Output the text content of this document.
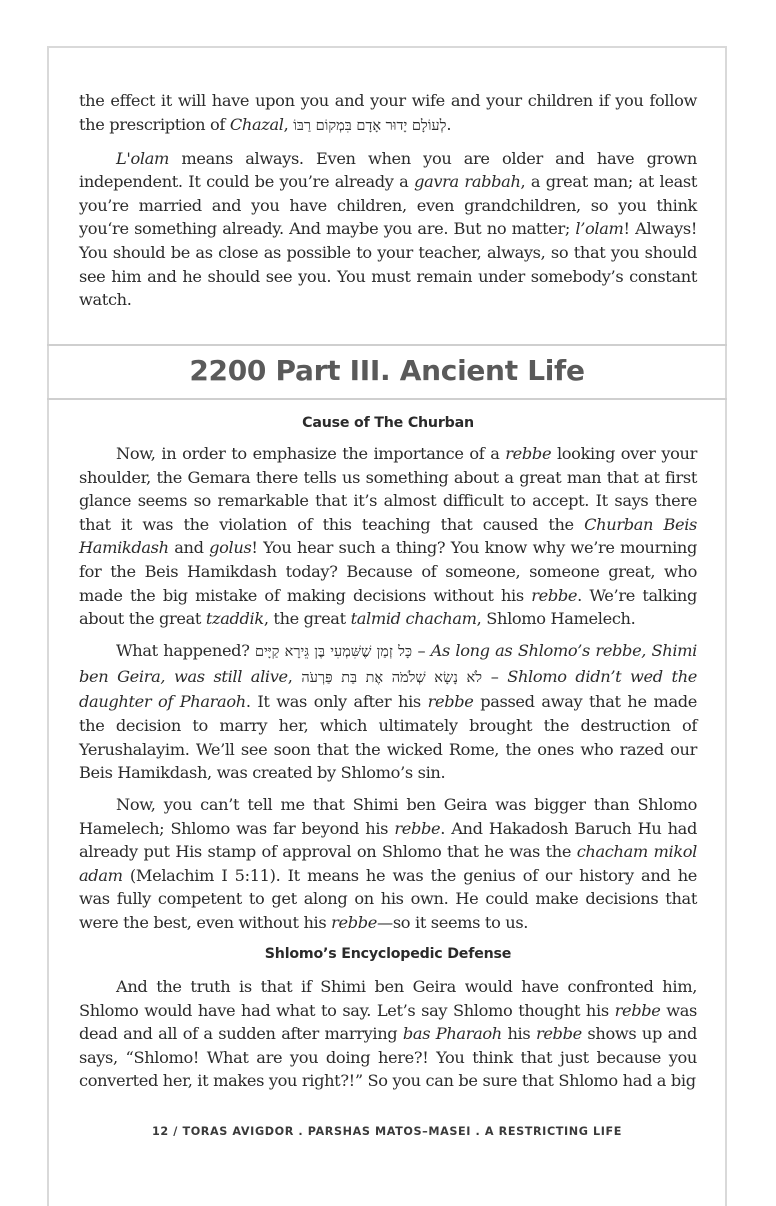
the effect it will have upon you and your wife and your children if you follow the prescription of Chazal, לְעוֹלָם יָדוּר אָדָם בִּמְקוֹם רַבּוֹ.

L'olam means always. Even when you are older and have grown independent. It could be you’re already a gavra rabbah, a great man; at least you’re married and you have children, even grandchildren, so you think you‘re something already. And maybe you are. But no matter; l’olam! Always! You should be as close as possible to your teacher, always, so that you should see him and he should see you. You must remain under somebody’s constant watch.

2200 Part III. Ancient Life
Cause of The Churban

Now, in order to emphasize the importance of a rebbe looking over your shoulder, the Gemara there tells us something about a great man that at first glance seems so remarkable that it’s almost difficult to accept. It says there that it was the violation of this teaching that caused the Churban Beis Hamikdash and golus! You hear such a thing? You know why we’re mourning for the Beis Hamikdash today? Because of someone, someone great, who made the big mistake of making decisions without his rebbe. We’re talking about the great tzaddik, the great talmid chacham, Shlomo Hamelech.

What happened? כָּל זְמַן שֶׁשִּׁמְעִי בֶּן גֵּירָא קַיָּים – As long as Shlomo’s rebbe, Shimi ben Geira, was still alive, לֹא נָשָׂא שְׁלֹמֹה אֶת בַּת פַּרְעֹה – Shlomo didn’t wed the daughter of Pharaoh. It was only after his rebbe passed away that he made the decision to marry her, which ultimately brought the destruction of Yerushalayim. We’ll see soon that the wicked Rome, the ones who razed our Beis Hamikdash, was created by Shlomo’s sin.

Now, you can’t tell me that Shimi ben Geira was bigger than Shlomo Hamelech; Shlomo was far beyond his rebbe. And Hakadosh Baruch Hu had already put His stamp of approval on Shlomo that he was the chacham mikol adam (Melachim I 5:11). It means he was the genius of our history and he was fully competent to get along on his own. He could make decisions that were the best, even without his rebbe—so it seems to us.

Shlomo’s Encyclopedic Defense

And the truth is that if Shimi ben Geira would have confronted him, Shlomo would have had what to say. Let’s say Shlomo thought his rebbe was dead and all of a sudden after marrying bas Pharaoh his rebbe shows up and says, “Shlomo! What are you doing here?! You think that just because you converted her, it makes you right?!” So you can be sure that Shlomo had a big

12 / TORAS AVIGDOR . PARSHAS MATOS–MASEI . A RESTRICTING LIFE
